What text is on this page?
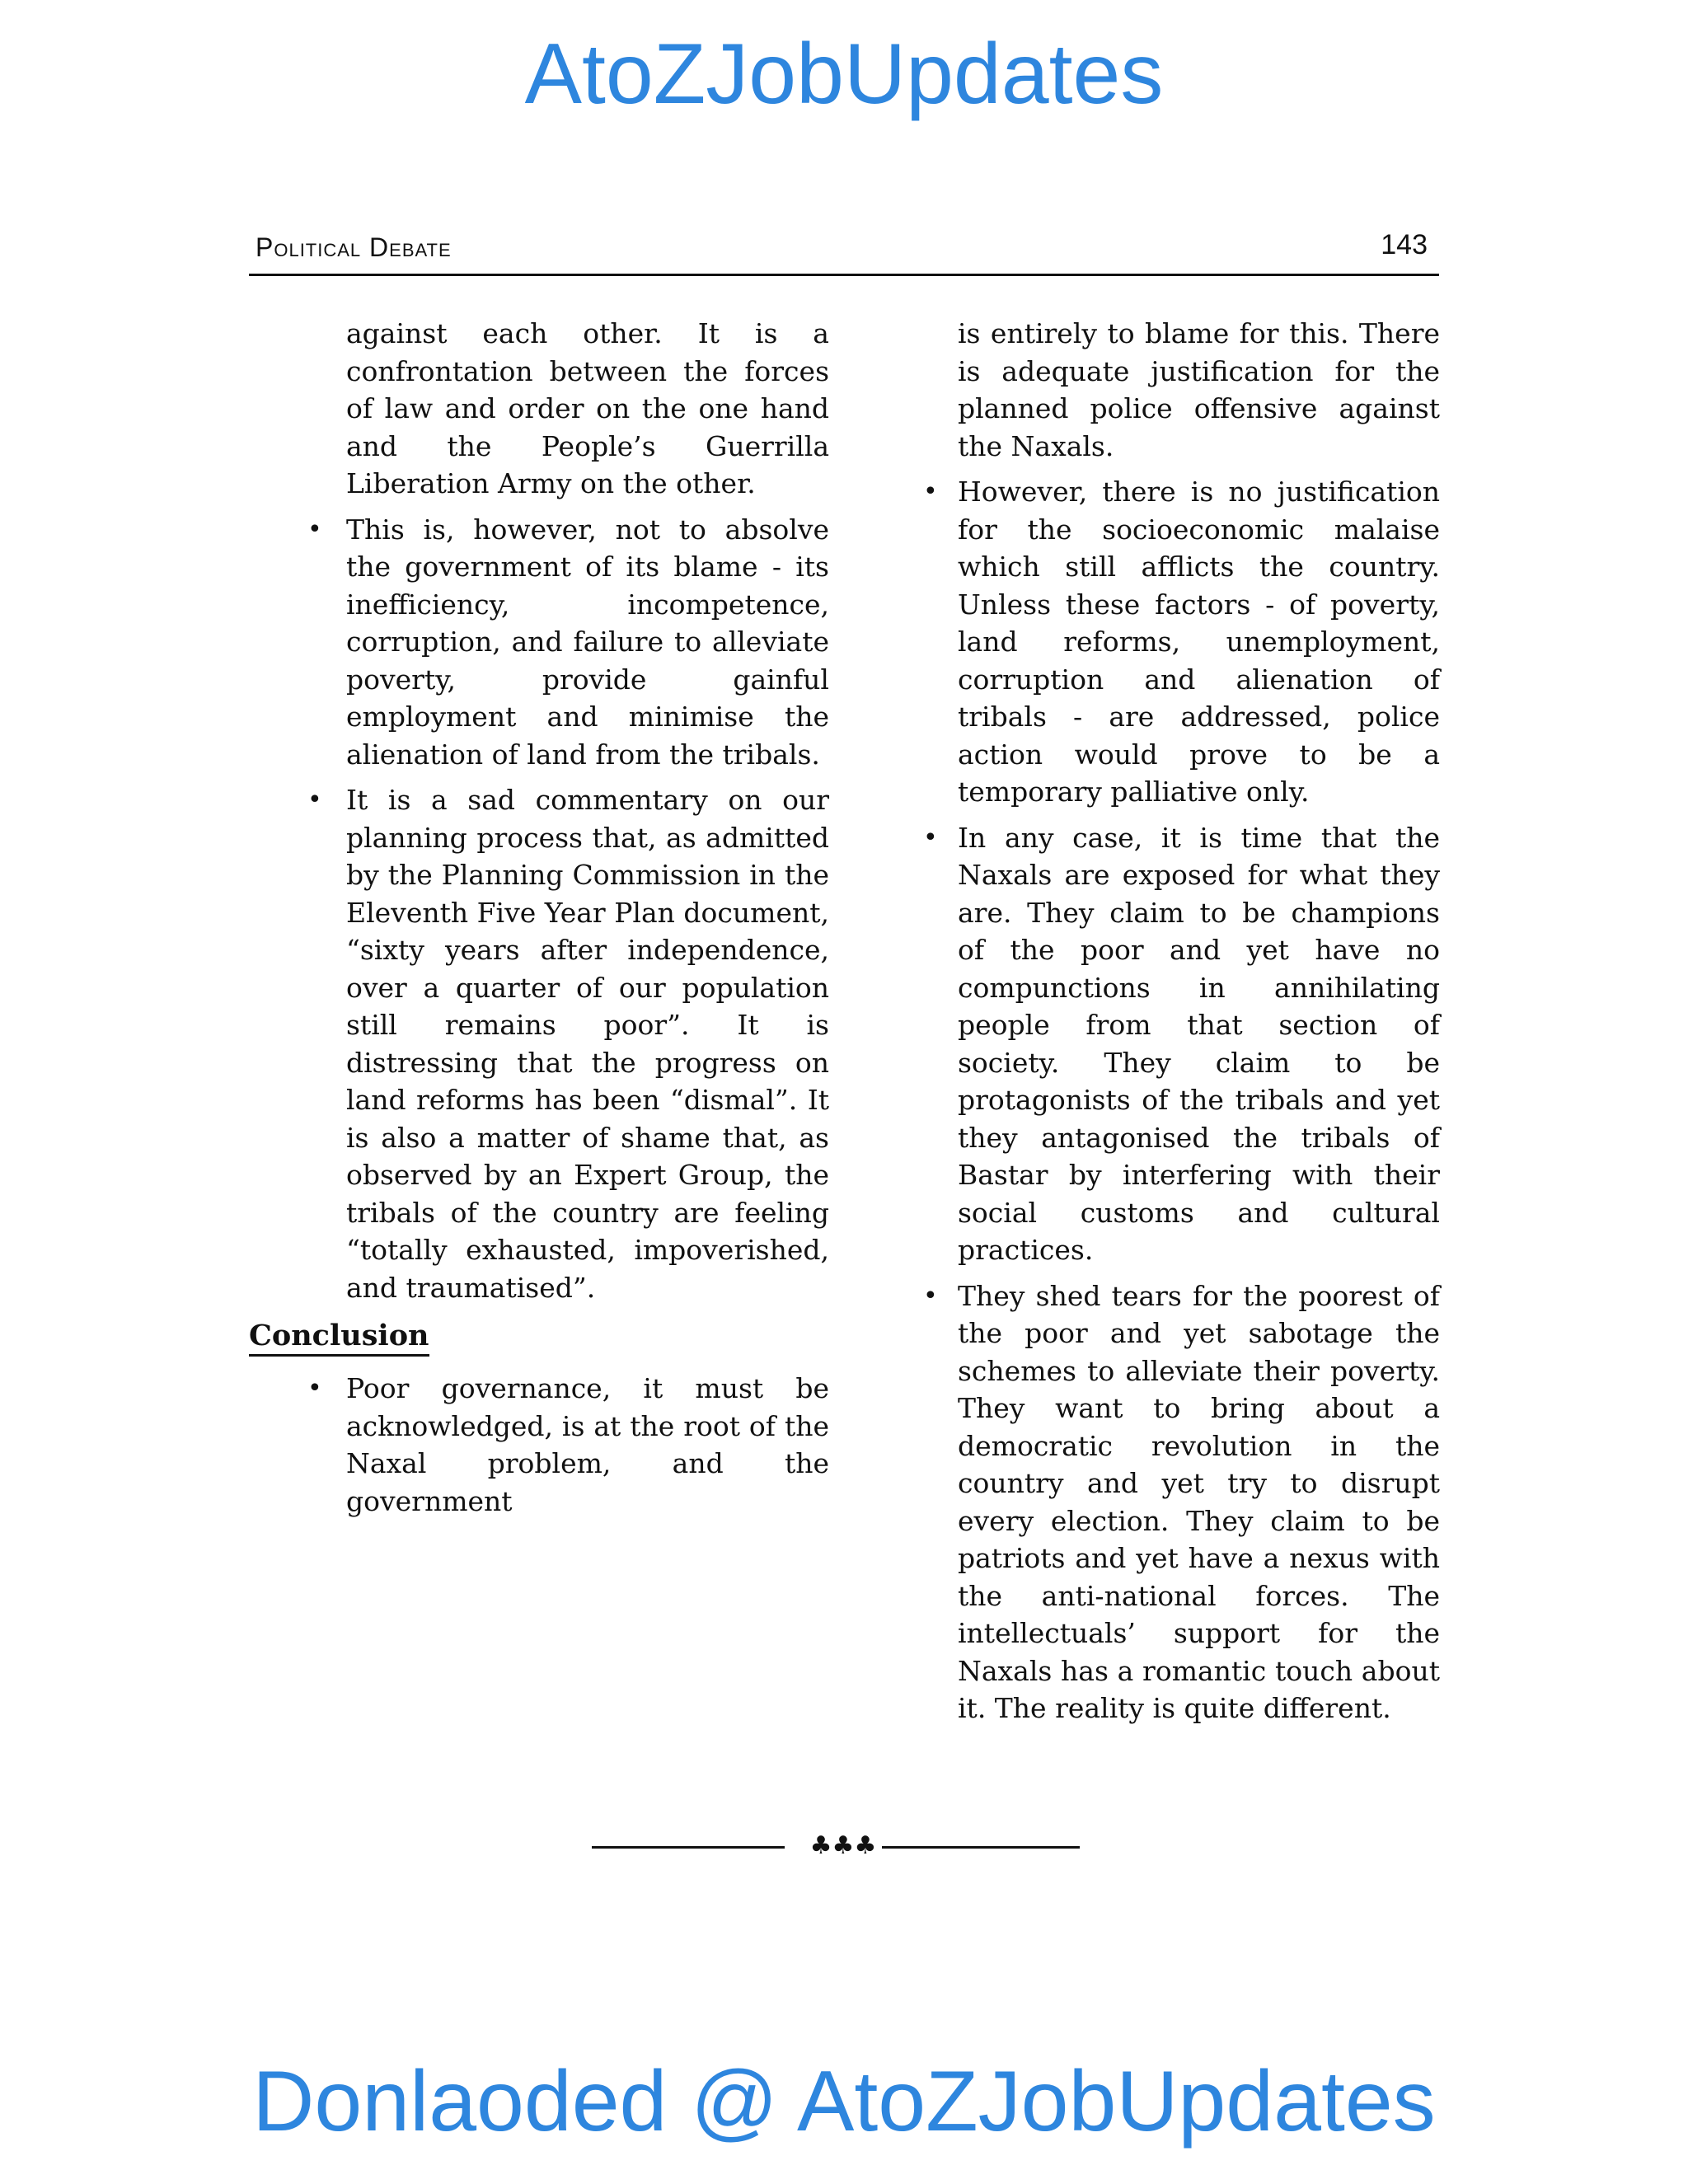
AtoZJobUpdates
Political Debate	143

against each other. It is a confrontation between the forces of law and order on the one hand and the People’s Guerrilla Liberation Army on the other.

• This is, however, not to absolve the government of its blame - its inefficiency, incompetence, corruption, and failure to alleviate poverty, provide gainful employment and minimise the alienation of land from the tribals.
• It is a sad commentary on our planning process that, as admitted by the Planning Commission in the Eleventh Five Year Plan document, “sixty years after independence, over a quarter of our population still remains poor”. It is distressing that the progress on land reforms has been “dismal”. It is also a matter of shame that, as observed by an Expert Group, the tribals of the country are feeling “totally exhausted, impoverished, and traumatised”.
Conclusion
• Poor governance, it must be acknowledged, is at the root of the Naxal problem, and the government
is entirely to blame for this. There is adequate justification for the planned police offensive against the Naxals.
• However, there is no justification for the socioeconomic malaise which still afflicts the country. Unless these factors - of poverty, land reforms, unemployment, corruption and alienation of tribals - are addressed, police action would prove to be a temporary palliative only.
• In any case, it is time that the Naxals are exposed for what they are. They claim to be champions of the poor and yet have no compunctions in annihilating people from that section of society. They claim to be protagonists of the tribals and yet they antagonised the tribals of Bastar by interfering with their social customs and cultural practices.
• They shed tears for the poorest of the poor and yet sabotage the schemes to alleviate their poverty. They want to bring about a democratic revolution in the country and yet try to disrupt every election. They claim to be patriots and yet have a nexus with the anti-national forces. The intellectuals’ support for the Naxals has a romantic touch about it. The reality is quite different.
♣♣♣
Donlaoded @ AtoZJobUpdates
